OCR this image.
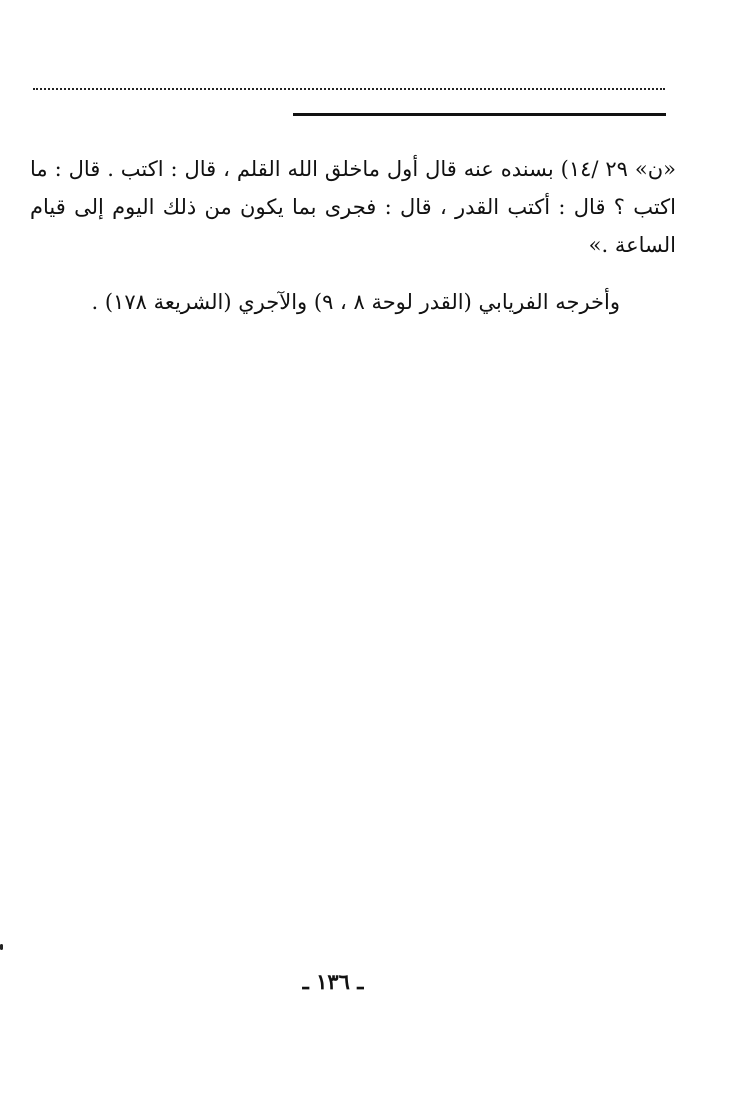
«ن» ٢٩ /١٤) بسنده عنه قال أول ماخلق الله القلم ، قال : اكتب . قال : ما
اكتب ؟ قال : أكتب القدر ، قال : فجرى بما يكون من ذلك اليوم إلى قيام
الساعة .»
وأخرجه الفريابي (القدر لوحة ٨ ، ٩) والآجري (الشريعة ١٧٨) .
ـ ١٣٦ ـ
